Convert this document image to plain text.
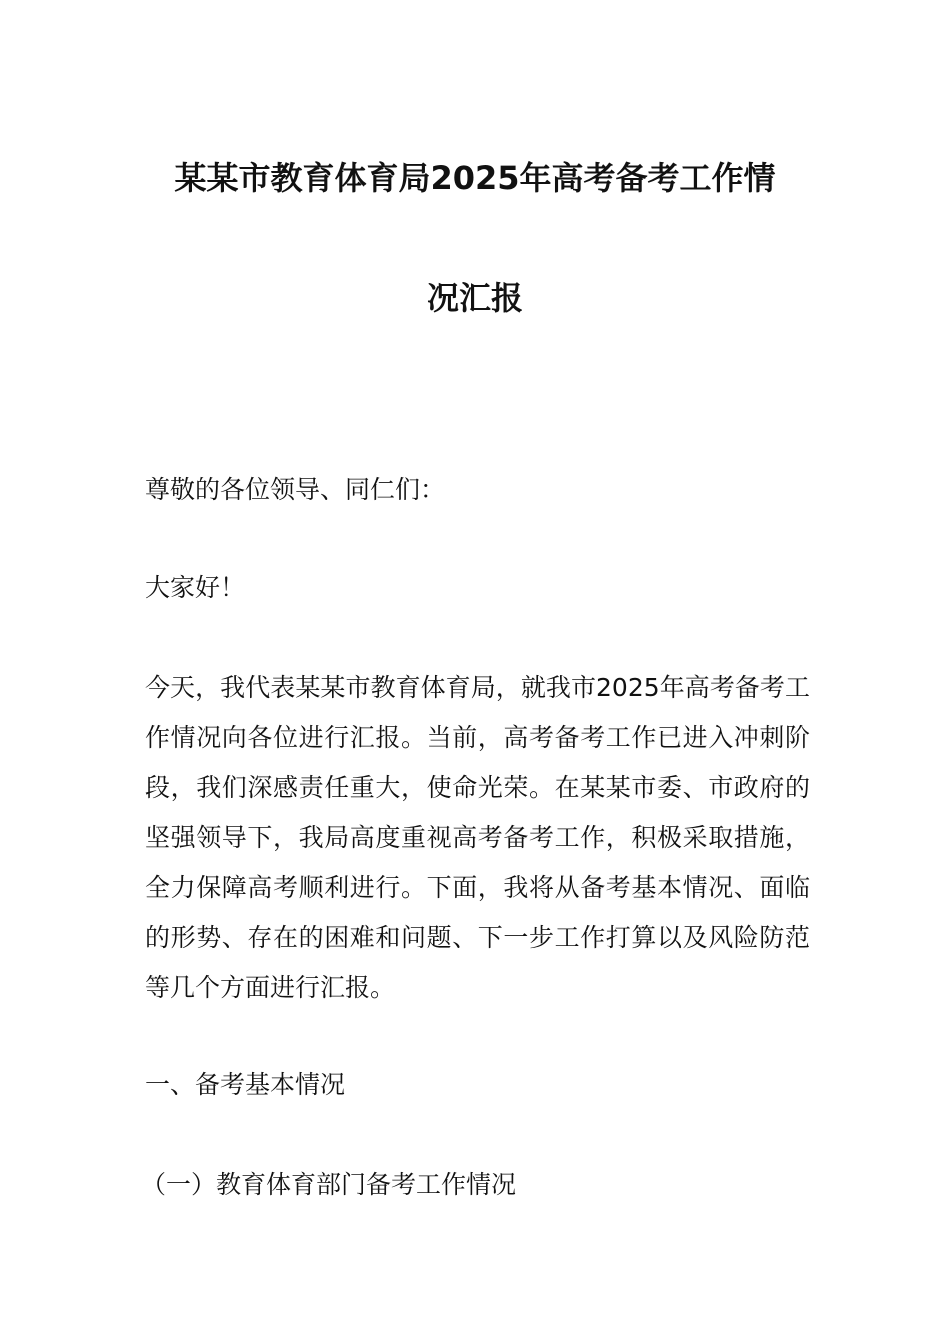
某某市教育体育局2025年高考备考工作情
况汇报

尊敬的各位领导、同仁们：

大家好！

今天，我代表某某市教育体育局，就我市2025年高考备考工作情况向各位进行汇报。当前，高考备考工作已进入冲刺阶段，我们深感责任重大，使命光荣。在某某市委、市政府的坚强领导下，我局高度重视高考备考工作，积极采取措施，全力保障高考顺利进行。下面，我将从备考基本情况、面临的形势、存在的困难和问题、下一步工作打算以及风险防范等几个方面进行汇报。

一、备考基本情况

（一）教育体育部门备考工作情况
